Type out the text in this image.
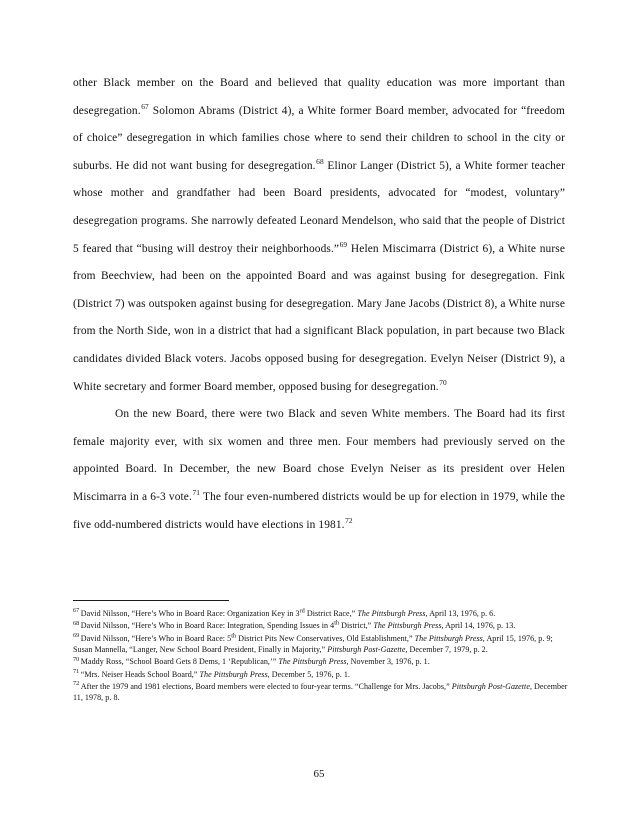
other Black member on the Board and believed that quality education was more important than desegregation.$^{67}$ Solomon Abrams (District 4), a White former Board member, advocated for “freedom of choice” desegregation in which families chose where to send their children to school in the city or suburbs. He did not want busing for desegregation.$^{68}$ Elinor Langer (District 5), a White former teacher whose mother and grandfather had been Board presidents, advocated for “modest, voluntary” desegregation programs. She narrowly defeated Leonard Mendelson, who said that the people of District 5 feared that “busing will destroy their neighborhoods.”$^{69}$ Helen Miscimarra (District 6), a White nurse from Beechview, had been on the appointed Board and was against busing for desegregation. Fink (District 7) was outspoken against busing for desegregation. Mary Jane Jacobs (District 8), a White nurse from the North Side, won in a district that had a significant Black population, in part because two Black candidates divided Black voters. Jacobs opposed busing for desegregation. Evelyn Neiser (District 9), a White secretary and former Board member, opposed busing for desegregation.$^{70}$

On the new Board, there were two Black and seven White members. The Board had its first female majority ever, with six women and three men. Four members had previously served on the appointed Board. In December, the new Board chose Evelyn Neiser as its president over Helen Miscimarra in a 6-3 vote.$^{71}$ The four even-numbered districts would be up for election in 1979, while the five odd-numbered districts would have elections in 1981.72

$^{67}$ David Nilsson, “Here’s Who in Board Race: Organization Key in 3rd District Race,” The Pittsburgh Press, April 13, 1976, p. 6.
$^{68}$ David Nilsson, “Here’s Who in Board Race: Integration, Spending Issues in 4th District,” The Pittsburgh Press, April 14, 1976, p. 13.
$^{69}$ David Nilsson, “Here’s Who in Board Race: 5th District Pits New Conservatives, Old Establishment,” The Pittsburgh Press, April 15, 1976, p. 9; Susan Mannella, “Langer, New School Board President, Finally in Majority,” Pittsburgh Post-Gazette, December 7, 1979, p. 2.
$^{70}$ Maddy Ross, “School Board Gets 8 Dems, 1 ‘Republican,’” The Pittsburgh Press, November 3, 1976, p. 1.
$^{71}$ “Mrs. Neiser Heads School Board,” The Pittsburgh Press, December 5, 1976, p. 1.
$^{72}$ After the 1979 and 1981 elections, Board members were elected to four-year terms. “Challenge for Mrs. Jacobs,” Pittsburgh Post-Gazette, December 11, 1978, p. 8.
65
